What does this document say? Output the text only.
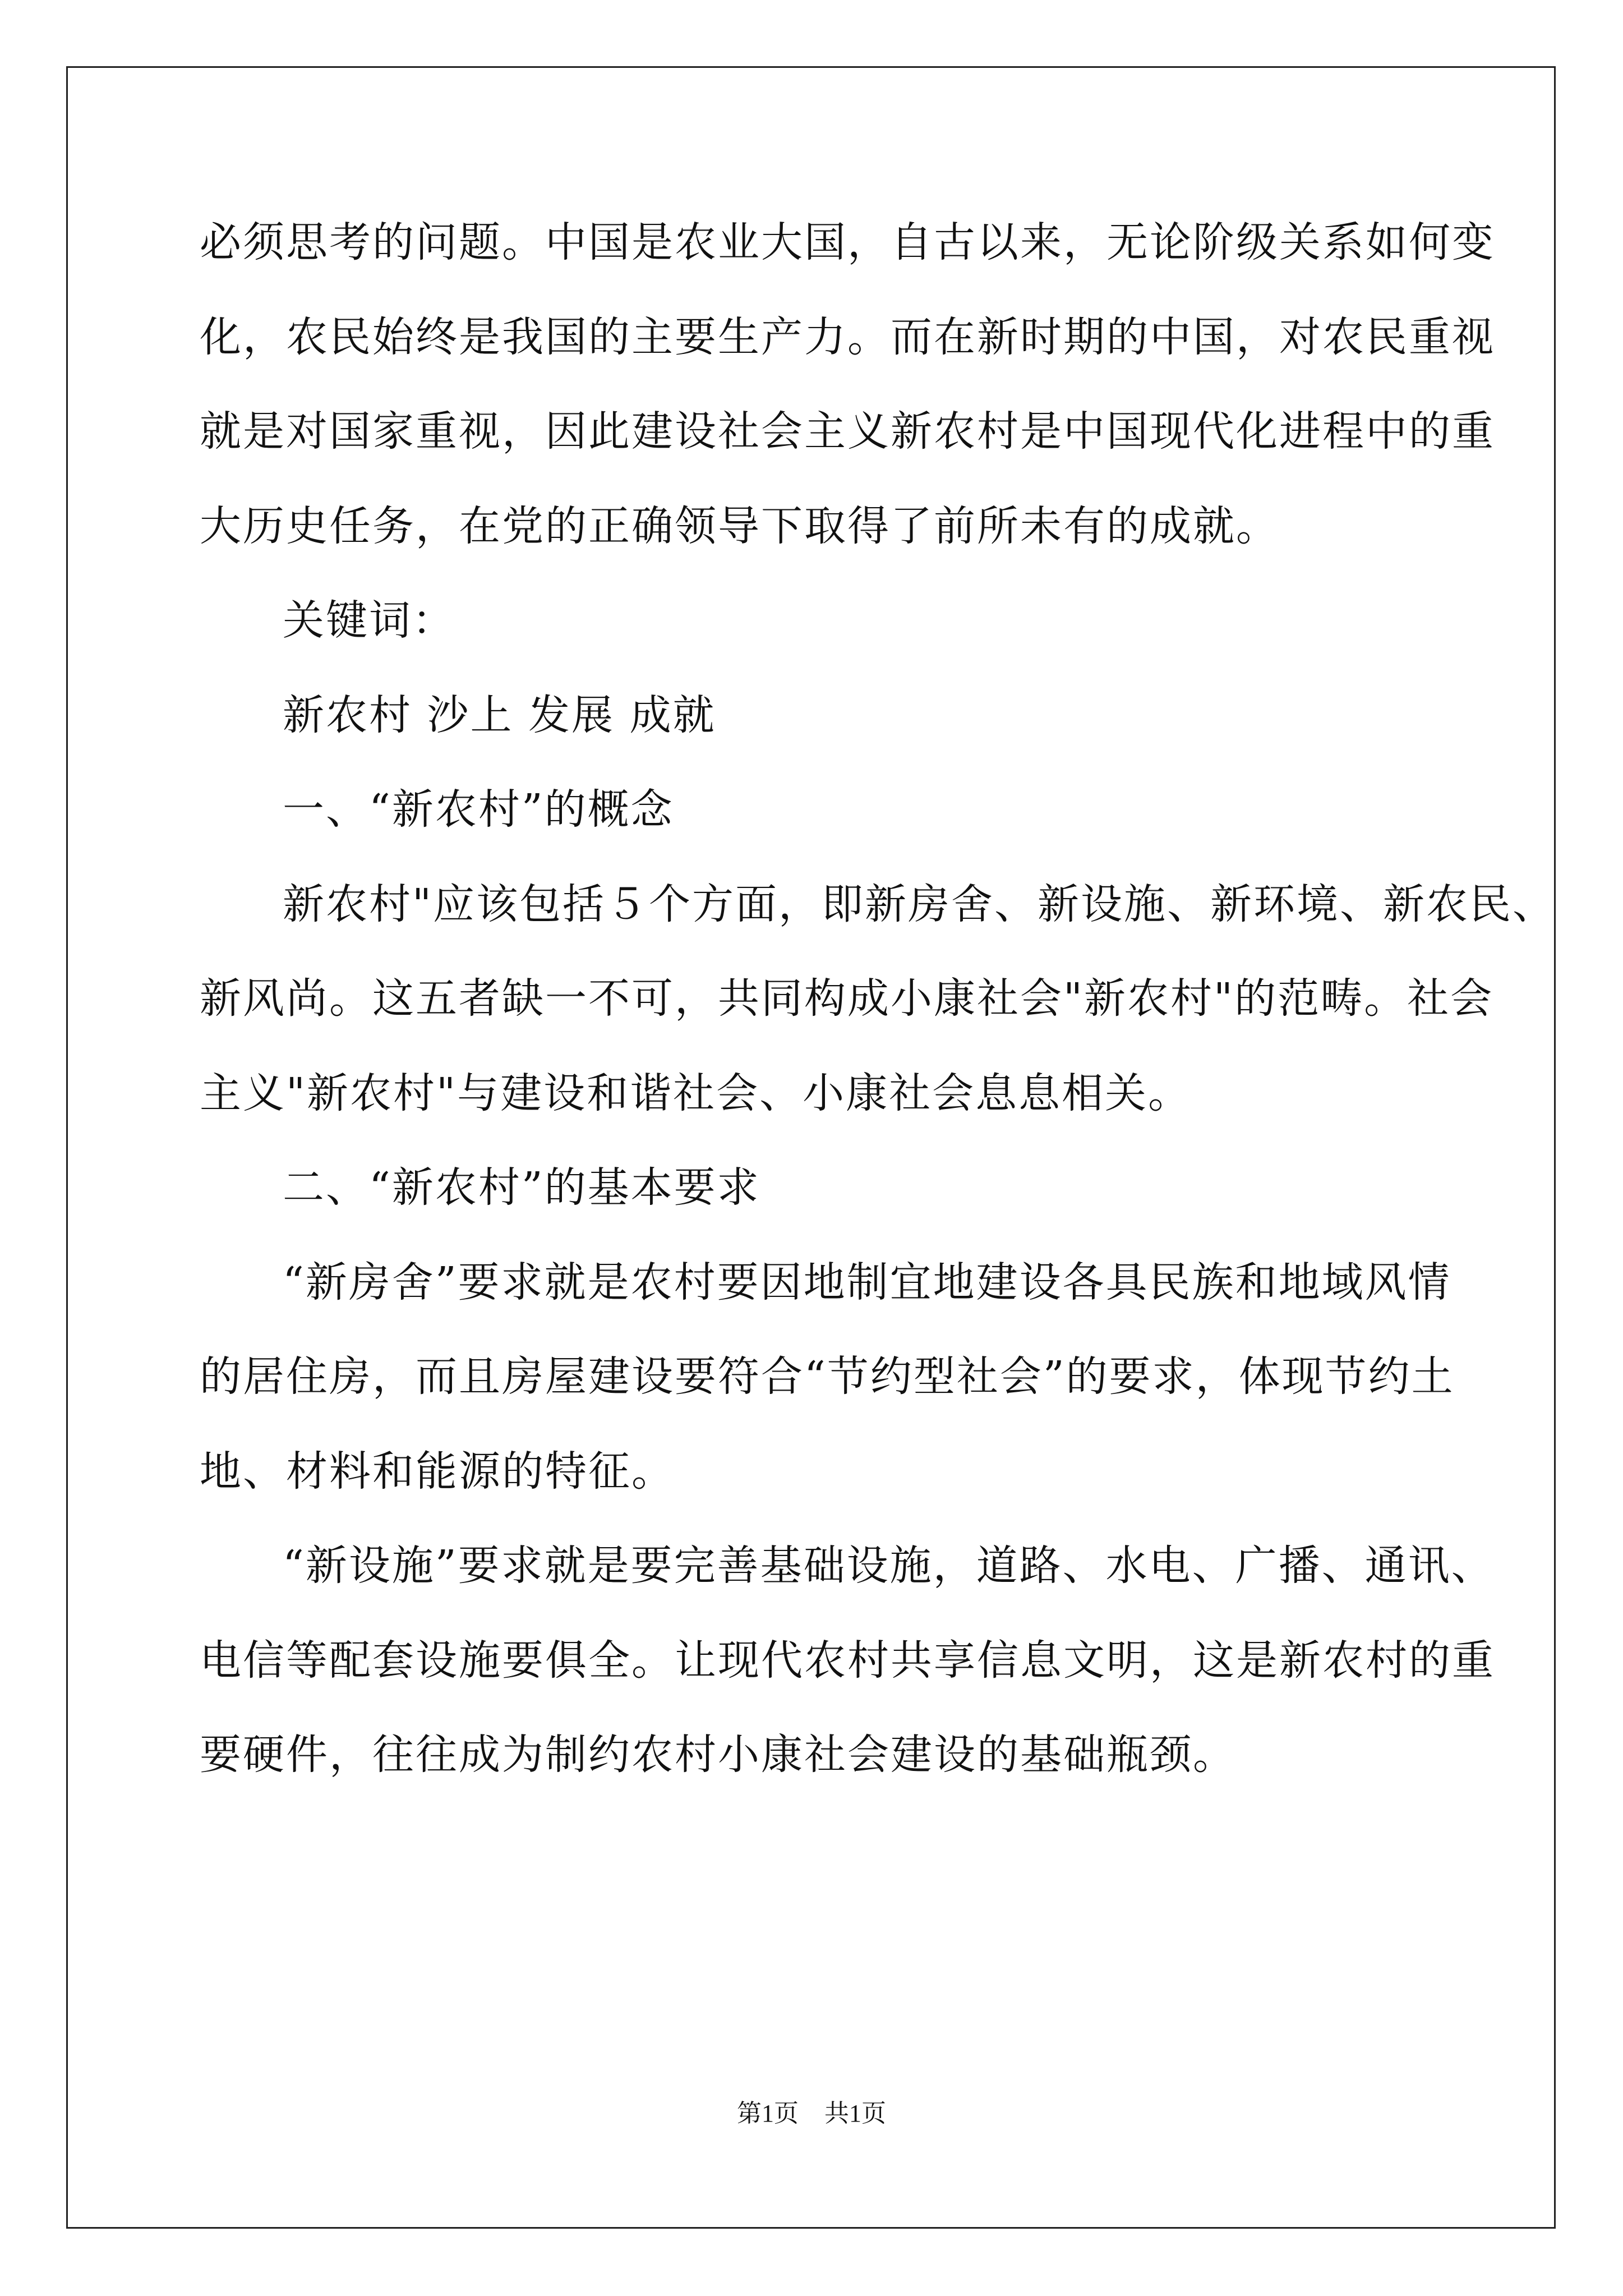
必须思考的问题。中国是农业大国，自古以来，无论阶级关系如何变
化，农民始终是我国的主要生产力。而在新时期的中国，对农民重视
就是对国家重视，因此建设社会主义新农村是中国现代化进程中的重
大历史任务，在党的正确领导下取得了前所未有的成就。
关键词：
新农村 沙上 发展 成就
一、“新农村”的概念
新农村"应该包括５个方面，即新房舍、新设施、新环境、新农民、
新风尚。这五者缺一不可，共同构成小康社会"新农村"的范畴。社会
主义"新农村"与建设和谐社会、小康社会息息相关。
二、“新农村”的基本要求
“新房舍”要求就是农村要因地制宜地建设各具民族和地域风情
的居住房，而且房屋建设要符合“节约型社会”的要求，体现节约土
地、材料和能源的特征。
“新设施”要求就是要完善基础设施，道路、水电、广播、通讯、
电信等配套设施要俱全。让现代农村共享信息文明，这是新农村的重
要硬件，往往成为制约农村小康社会建设的基础瓶颈。
第1页 共1页
